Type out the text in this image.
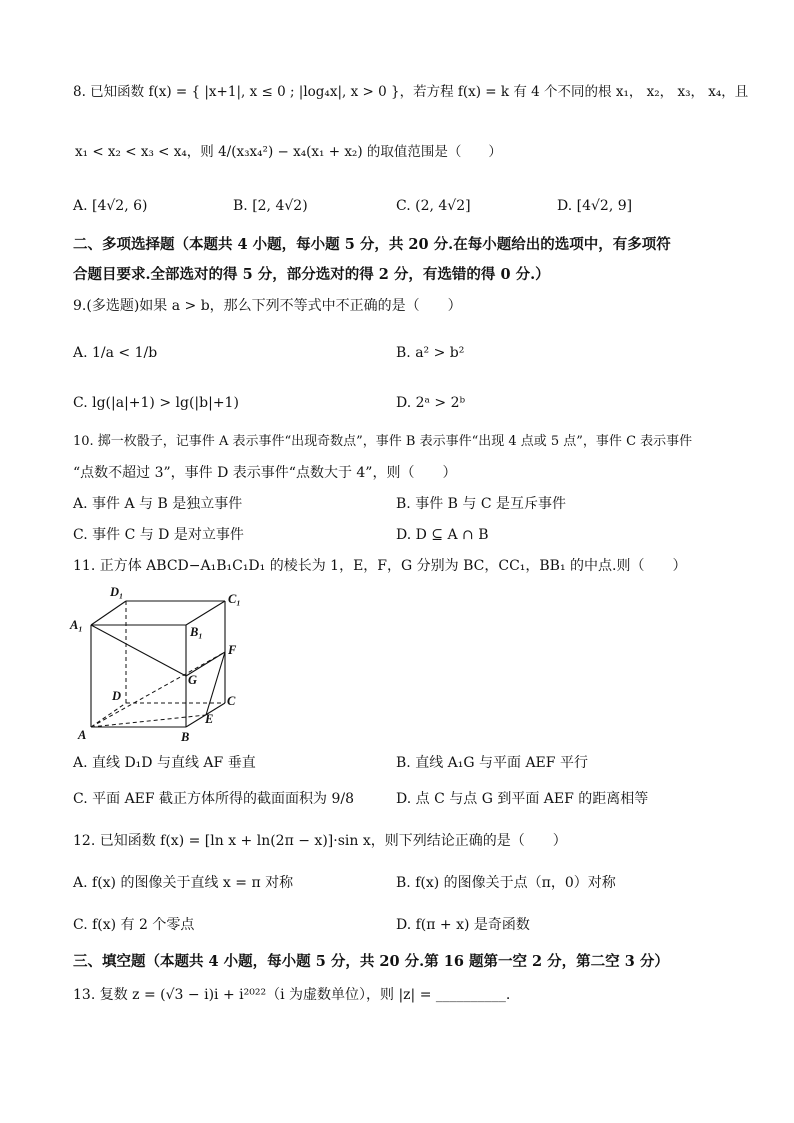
8. 已知函数 f(x) = { |x+1|, x ≤ 0 ; |log₄x|, x > 0 }，若方程 f(x) = k 有 4 个不同的根 x₁， x₂， x₃， x₄，且
x₁ < x₂ < x₃ < x₄，则 4/(x₃x₄²) − x₄(x₁ + x₂) 的取值范围是（　　）
A. [4√2, 6)	B. [2, 4√2)	C. (2, 4√2]	D. [4√2, 9]
二、多项选择题（本题共 4 小题，每小题 5 分，共 20 分.在每小题给出的选项中，有多项符
合题目要求.全部选对的得 5 分，部分选对的得 2 分，有选错的得 0 分.）
9.(多选题)如果 a > b，那么下列不等式中不正确的是（　　）
A. 1/a < 1/b	B. a² > b²
C. lg(|a|+1) > lg(|b|+1)	D. 2ᵃ > 2ᵇ
10. 掷一枚骰子，记事件 A 表示事件“出现奇数点”，事件 B 表示事件“出现 4 点或 5 点”，事件 C 表示事件
“点数不超过 3”，事件 D 表示事件“点数大于 4”，则（　　）
A. 事件 A 与 B 是独立事件	B. 事件 B 与 C 是互斥事件
C. 事件 C 与 D 是对立事件	D. D ⊆ A ∩ B
11. 正方体 ABCD−A₁B₁C₁D₁ 的棱长为 1，E，F，G 分别为 BC，CC₁，BB₁ 的中点.则（　　）
D₁	C₁
A₁	B₁
F
G
D	C
E
A	B
A. 直线 D₁D 与直线 AF 垂直	B. 直线 A₁G 与平面 AEF 平行
C. 平面 AEF 截正方体所得的截面面积为 9/8	D. 点 C 与点 G 到平面 AEF 的距离相等
12. 已知函数 f(x) = [ln x + ln(2π − x)]·sin x，则下列结论正确的是（　　）
A. f(x) 的图像关于直线 x = π 对称	B. f(x) 的图像关于点（π，0）对称
C. f(x) 有 2 个零点	D. f(π + x) 是奇函数
三、填空题（本题共 4 小题，每小题 5 分，共 20 分.第 16 题第一空 2 分，第二空 3 分）
13. 复数 z = (√3 − i)i + i²⁰²²（i 为虚数单位），则 |z| = __________.
